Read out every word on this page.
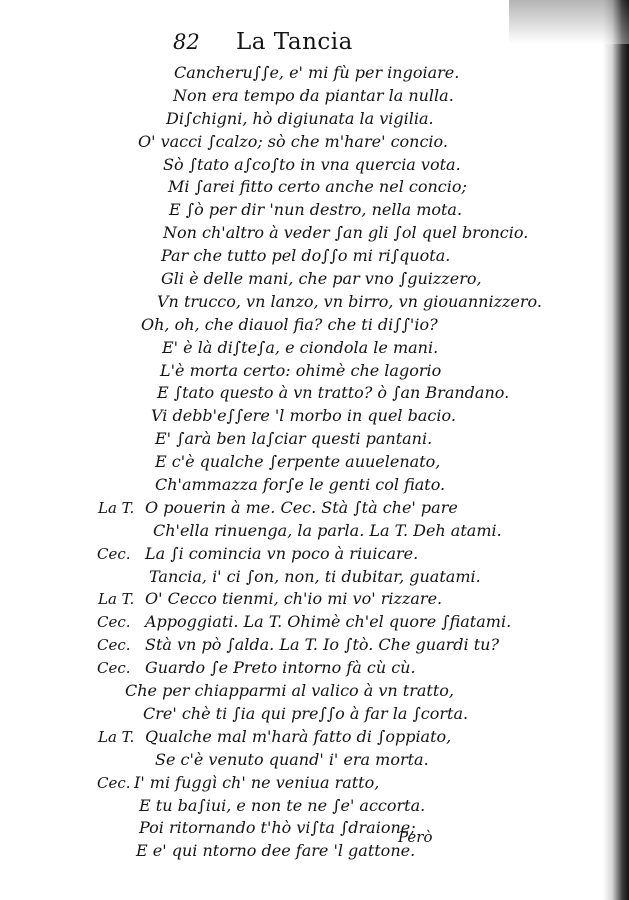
82 La Tancia
Cancheru∫∫e, e' mi fù per ingoiare.
Non era tempo da piantar la nulla.
Di∫chigni, hò digiunata la vigilia.
O' vacci ∫calzo; sò che m'hare' concio.
Sò ∫tato a∫co∫to in vna quercia vota.
Mi ∫arei fitto certo anche nel concio;
E ∫ò per dir 'nun destro, nella mota.
Non ch'altro à veder ∫an gli ∫ol quel broncio.
Par che tutto pel do∫∫o mi ri∫quota.
Gli è delle mani, che par vno ∫guizzero,
Vn trucco, vn lanzo, vn birro, vn giouannizzero.
Oh, oh, che diauol fia? che ti di∫∫'io?
E' è là di∫te∫a, e ciondola le mani.
L'è morta certo: ohimè che lagorio
E ∫tato questo à vn tratto? ò ∫an Brandano.
Vi debb'e∫∫ere 'l morbo in quel bacio.
E' ∫arà ben la∫ciar questi pantani.
E c'è qualche ∫erpente auuelenato,
Ch'ammazza for∫e le genti col fiato.
La T. O pouerin à me. Cec. Stà ∫tà che' pare
Ch'ella rinuenga, la parla. La T. Deh atami.
Cec. La ∫i comincia vn poco à riuicare.
Tancia, i' ci ∫on, non, ti dubitar, guatami.
La T. O' Cecco tienmi, ch'io mi vo' rizzare.
Cec. Appoggiati. La T. Ohimè ch'el quore ∫fiatami.
Cec. Stà vn pò ∫alda. La T. Io ∫tò. Che guardi tu?
Cec. Guardo ∫e Preto intorno fà cù cù.
Che per chiapparmi al valico à vn tratto,
Cre' chè ti ∫ia qui pre∫∫o à far la ∫corta.
La T. Qualche mal m'harà fatto di ∫oppiato,
Se c'è venuto quand' i' era morta.
Cec. I' mi fuggì ch' ne veniua ratto,
E tu ba∫iui, e non te ne ∫e' accorta.
Poi ritornando t'hò vi∫ta ∫draione;
E e' qui ntorno dee fare 'l gattone.
Però
